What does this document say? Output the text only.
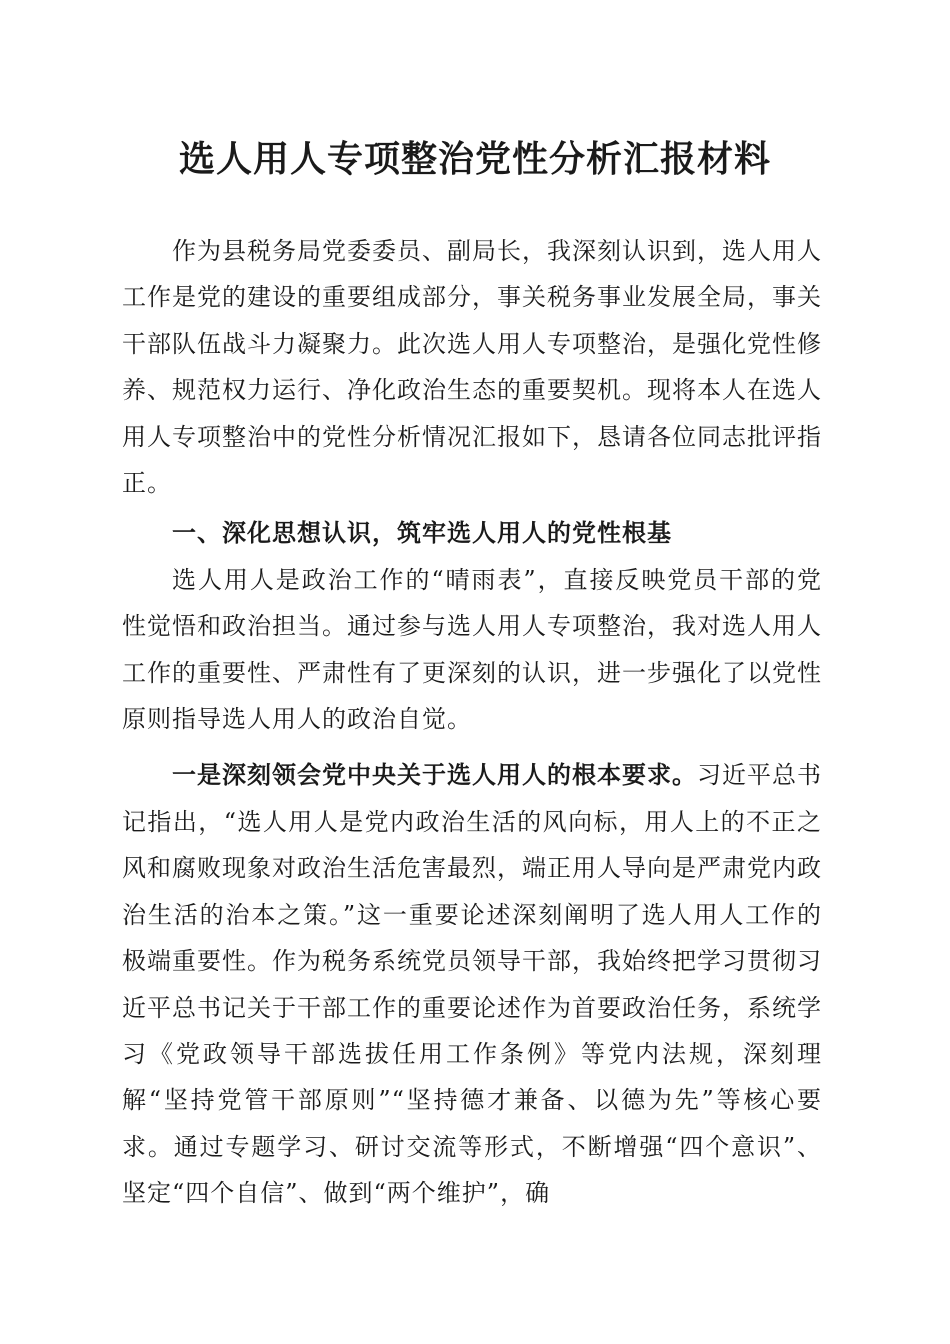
选人用人专项整治党性分析汇报材料

作为县税务局党委委员、副局长，我深刻认识到，选人用人工作是党的建设的重要组成部分，事关税务事业发展全局，事关干部队伍战斗力凝聚力。此次选人用人专项整治，是强化党性修养、规范权力运行、净化政治生态的重要契机。现将本人在选人用人专项整治中的党性分析情况汇报如下，恳请各位同志批评指正。

一、深化思想认识，筑牢选人用人的党性根基

选人用人是政治工作的“晴雨表”，直接反映党员干部的党性觉悟和政治担当。通过参与选人用人专项整治，我对选人用人工作的重要性、严肃性有了更深刻的认识，进一步强化了以党性原则指导选人用人的政治自觉。

一是深刻领会党中央关于选人用人的根本要求。习近平总书记指出，“选人用人是党内政治生活的风向标，用人上的不正之风和腐败现象对政治生活危害最烈，端正用人导向是严肃党内政治生活的治本之策。”这一重要论述深刻阐明了选人用人工作的极端重要性。作为税务系统党员领导干部，我始终把学习贯彻习近平总书记关于干部工作的重要论述作为首要政治任务，系统学习《党政领导干部选拔任用工作条例》等党内法规，深刻理解“坚持党管干部原则”“坚持德才兼备、以德为先”等核心要求。通过专题学习、研讨交流等形式，不断增强“四个意识”、坚定“四个自信”、做到“两个维护”，确
